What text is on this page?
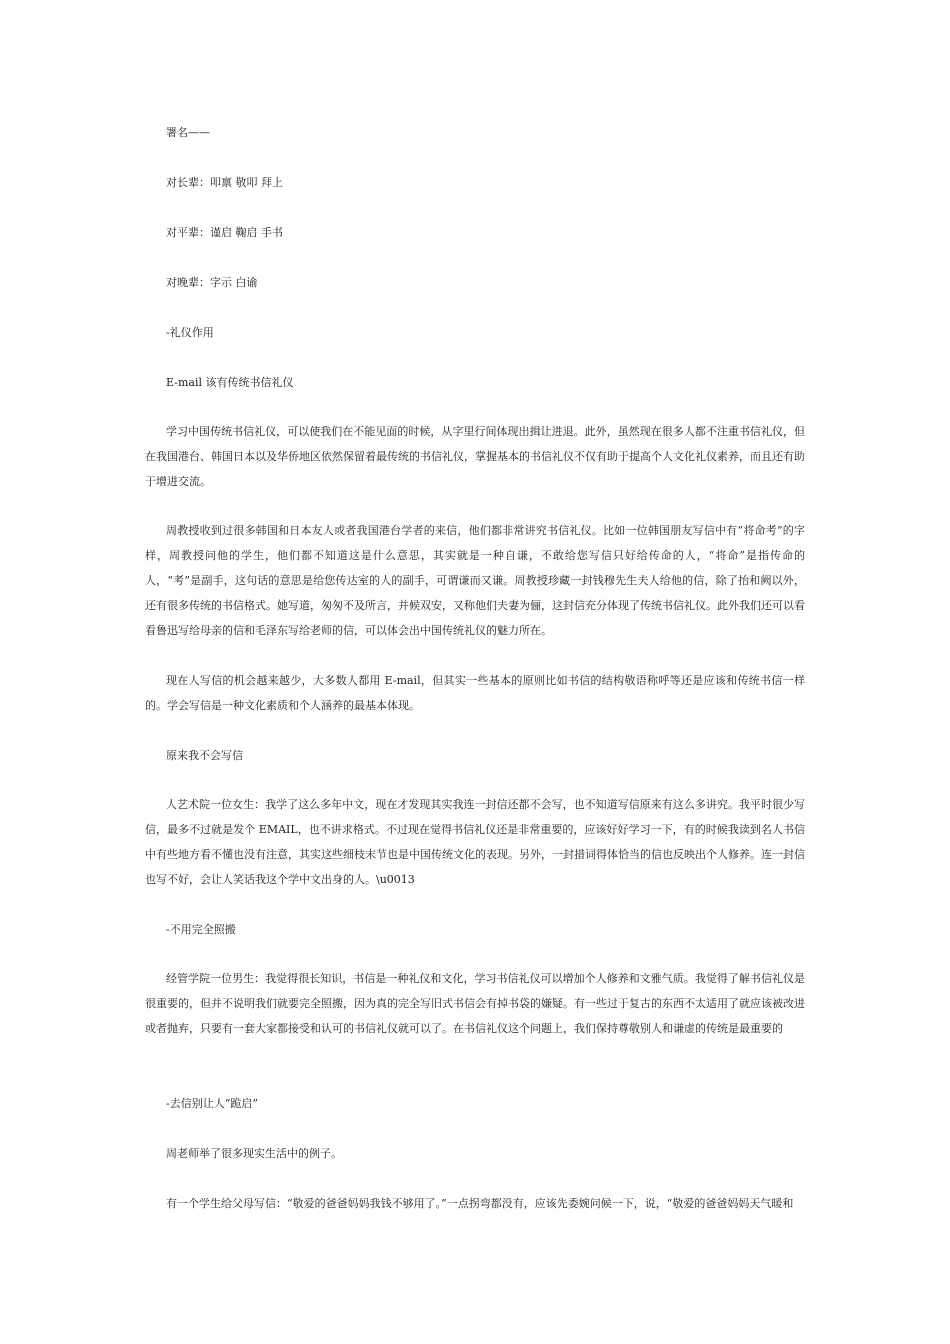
署名——
对长辈：叩禀 敬叩 拜上
对平辈：谨启 鞠启 手书
对晚辈：字示 白谕
-礼仪作用
E-mail 该有传统书信礼仪

学习中国传统书信礼仪，可以使我们在不能见面的时候，从字里行间体现出揖让进退。此外，虽然现在很多人都不注重书信礼仪，但在我国港台、韩国日本以及华侨地区依然保留着最传统的书信礼仪，掌握基本的书信礼仪不仅有助于提高个人文化礼仪素养，而且还有助于增进交流。

周教授收到过很多韩国和日本友人或者我国港台学者的来信，他们都非常讲究书信礼仪。比如一位韩国朋友写信中有“将命考”的字样，周教授问他的学生，他们都不知道这是什么意思，其实就是一种自谦，不敢给您写信只好给传命的人，“将命”是指传命的人，“考”是副手，这句话的意思是给您传达室的人的副手，可谓谦而又谦。周教授珍藏一封钱穆先生夫人给他的信，除了抬和阙以外，还有很多传统的书信格式。她写道，匆匆不及所言，并候双安，又称他们夫妻为俪，这封信充分体现了传统书信礼仪。此外我们还可以看看鲁迅写给母亲的信和毛泽东写给老师的信，可以体会出中国传统礼仪的魅力所在。

现在人写信的机会越来越少，大多数人都用 E-mail，但其实一些基本的原则比如书信的结构敬语称呼等还是应该和传统书信一样的。学会写信是一种文化素质和个人涵养的最基本体现。

原来我不会写信

人艺术院一位女生：我学了这么多年中文，现在才发现其实我连一封信还都不会写，也不知道写信原来有这么多讲究。我平时很少写信，最多不过就是发个 EMAIL，也不讲求格式。不过现在觉得书信礼仪还是非常重要的，应该好好学习一下，有的时候我读到名人书信中有些地方看不懂也没有注意，其实这些细枝末节也是中国传统文化的表现。另外，一封措词得体恰当的信也反映出个人修养。连一封信也写不好，会让人笑话我这个学中文出身的人。\u0013

-不用完全照搬

经管学院一位男生：我觉得很长知识，书信是一种礼仪和文化，学习书信礼仪可以增加个人修养和文雅气质。我觉得了解书信礼仪是很重要的，但并不说明我们就要完全照搬，因为真的完全写旧式书信会有掉书袋的嫌疑。有一些过于复古的东西不太适用了就应该被改进或者抛弃，只要有一套大家都接受和认可的书信礼仪就可以了。在书信礼仪这个问题上，我们保持尊敬别人和谦虚的传统是最重要的

-去信别让人“跪启”
周老师举了很多现实生活中的例子。
有一个学生给父母写信：“敬爱的爸爸妈妈我钱不够用了。”一点拐弯都没有，应该先委婉问候一下，说，“敬爱的爸爸妈妈天气暖和
